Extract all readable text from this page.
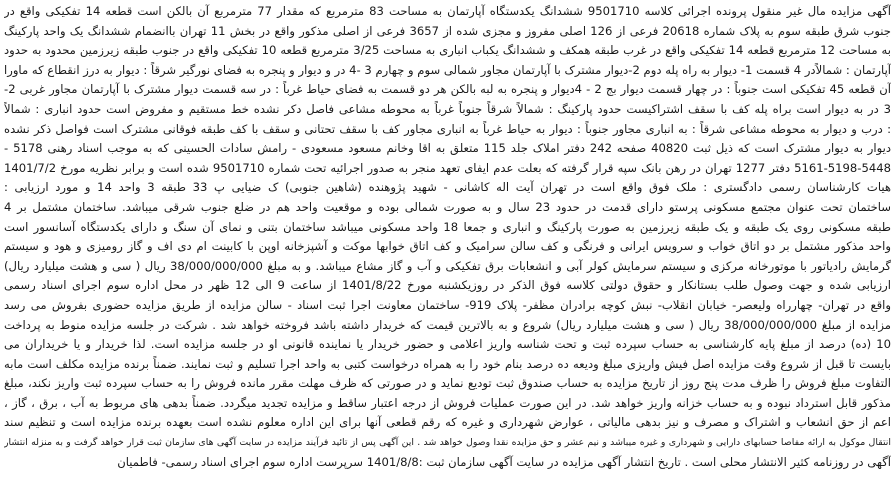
آگهی مزایده مال غیر منقول پرونده اجرائی کلاسه 9501710 ششدانگ یکدستگاه آپارتمان به مساحت 83 مترمربع که مقدار 77 مترمربع آن بالکن است قطعه 14 تفکیکی واقع در
جنوب شرق طبقه سوم به پلاک شماره 20618 فرعی از 126 اصلی مفروز و مجزی شده از 3657 فرعی از اصلی مذکور واقع در بخش 11 تهران باانضمام ششدانگ یک واحد پارکینگ
به مساحت 12 مترمربع قطعه 14 تفکیکی واقع در غرب طبقه همکف و ششدانگ یکباب انباری به مساحت 3/25 مترمربع قطعه 10 تفکیکی واقع در جنوب طبقه زیرزمین محدود به حدود
آپارتمان : شمالاًدر 4 قسمت 1- دیوار به راه پله دوم 2-دیوار مشترک با آپارتمان مجاور شمالی سوم و چهارم 3 -4 در و دیوار و پنجره به فضای نورگیر شرقاً : دیوار به درز انقطاع که ماورا
آن قطعه 45 تفکیکی است جنوباً : در چهار قسمت دیوار بج 2 - 4دیوار و پنجره به لبه بالکن هر دو قسمت به فضای حیاط غرباً : در سه قسمت دیوار مشترک با آپارتمان مجاور غربی 2-
3 در به دیوار است براه پله کف با سقف اشتراکیست حدود پارکینگ : شمالاً شرقاً جنوباً غرباً به محوطه مشاعی فاصل دکر نشده خط مستقیم و مفروض است حدود انباری : شمالاً
: درب و دیوار به محوطه مشاعی شرقاً : به انباری مجاور جنوباً : دیوار به حیاط غرباً به انباری مجاور کف با سقف تحتانی و سقف با کف طبقه فوقانی مشترک است فواصل ذکر نشده
دیوار به دیوار مشترک است که ذیل ثبت 40820 صفحه 242 دفتر املاک جلد 115 متعلق به اقا وخانم مسعود مسعودی - رامش سادات الحسینی که به موجب اسناد رهنی 5178 -
5161-5198-5448 دفتر 1277 تهران در رهن بانک سپه قرار گرفته که بعلت عدم ایفای تعهد منجر به صدور اجرائیه تحت شماره 9501710 شده است و برابر نظریه مورخ 1401/7/2
هیات کارشناسان رسمی دادگستری : ملک فوق واقع است در تهران آیت اله کاشانی - شهید پژوهنده (شاهین جنوبی) ک ضیایی پ 33 طبقه 3 واحد 14 و مورد ارزیابی :
ساختمان تحت عنوان مجتمع مسکونی پرستو دارای قدمت در حدود 23 سال و به صورت شمالی بوده و موقعیت واحد هم در ضلع جنوب شرقی میباشد. ساختمان مشتمل بر 4
طبقه مسکونی روی یک طبقه و یک طبقه زیرزمین به صورت پارکینگ و انباری و جمعا 18 واحد مسکونی میباشد ساختمان بتنی و نمای آن سنگ و دارای یکدستگاه آسانسور است
واحد مذکور مشتمل بر دو اتاق خواب و سرویس ایرانی و فرنگی و کف سالن سرامیک و کف اتاق خوابها موکت و آشپزخانه اوپن با کابینت ام دی اف و گاز رومیزی و هود و سیستم
گرمایش رادیاتور با موتورخانه مرکزی و سیستم سرمایش کولر آبی و انشعابات برق تفکیکی و آب و گاز مشاع میباشد. و به مبلغ 38/000/000/000 ریال ( سی و هشت میلیارد ریال)
ارزیابی شده و جهت وصول طلب بستانکار و حقوق دولتی کلاسه فوق الذکر در روزیکشنبه مورخ 1401/8/22 از ساعت 9 الی 12 ظهر در محل اداره سوم اجرای اسناد رسمی
واقع در تهران- چهارراه ولیعصر- خیابان انقلاب- نبش کوچه برادران مظفر- پلاک 919- ساختمان معاونت اجرا ثبت اسناد - سالن مزایده از طریق مزایده حضوری بفروش می رسد
مزایده از مبلغ 38/000/000/000 ریال ( سی و هشت میلیارد ریال) شروع و به بالاترین قیمت که خریدار داشته باشد فروخته خواهد شد . شرکت در جلسه مزایده منوط به پرداخت
10 (ده) درصد از مبلغ پایه کارشناسی به حساب سپرده ثبت و تحت شناسه واریز اعلامی و حضور خریدار یا نماینده قانونی او در جلسه مزایده است. لذا خریدار و یا خریداران می
بایست تا قبل از شروع وقت مزایده اصل فیش واریزی مبلغ ودیعه ده درصد بنام خود را به همراه درخواست کتبی به واحد اجرا تسلیم و ثبت نمایند. ضمناً برنده مزایده مکلف است مابه
التفاوت مبلغ فروش را ظرف مدت پنج روز از تاریخ مزایده به حساب صندوق ثبت تودیع نماید و در صورتی که ظرف مهلت مقرر مانده فروش را به حساب سپرده ثبت واریز نکند، مبلغ
مذکور قابل استرداد نبوده و به حساب خزانه واریز خواهد شد. در این صورت عملیات فروش از درجه اعتبار ساقط و مزایده تجدید میگردد. ضمناً بدهی های مربوط به آب ، برق ، گاز ،
اعم از حق انشعاب و اشتراک و مصرف و نیز بدهی مالیاتی ، عوارض شهرداری و غیره که رقم قطعی آنها برای این اداره معلوم نشده است بعهده برنده مزایده است و تنظیم سند
انتقال موکول به ارائه مفاصا حسابهای دارایی و شهرداری و غیره میباشد و نیم عشر و حق مزایده نقدا وصول خواهد شد . این آگهی پس از تائید فرآیند مزایده در سایت آگهی های سازمان ثبت قرار خواهد گرفت و به منزله انتشار
آگهی در روزنامه کثیر الانتشار محلی است . تاریخ انتشار آگهی مزایده در سایت آگهی سازمان ثبت :1401/8/8 سرپرست اداره سوم اجرای اسناد رسمی- فاطمیان
